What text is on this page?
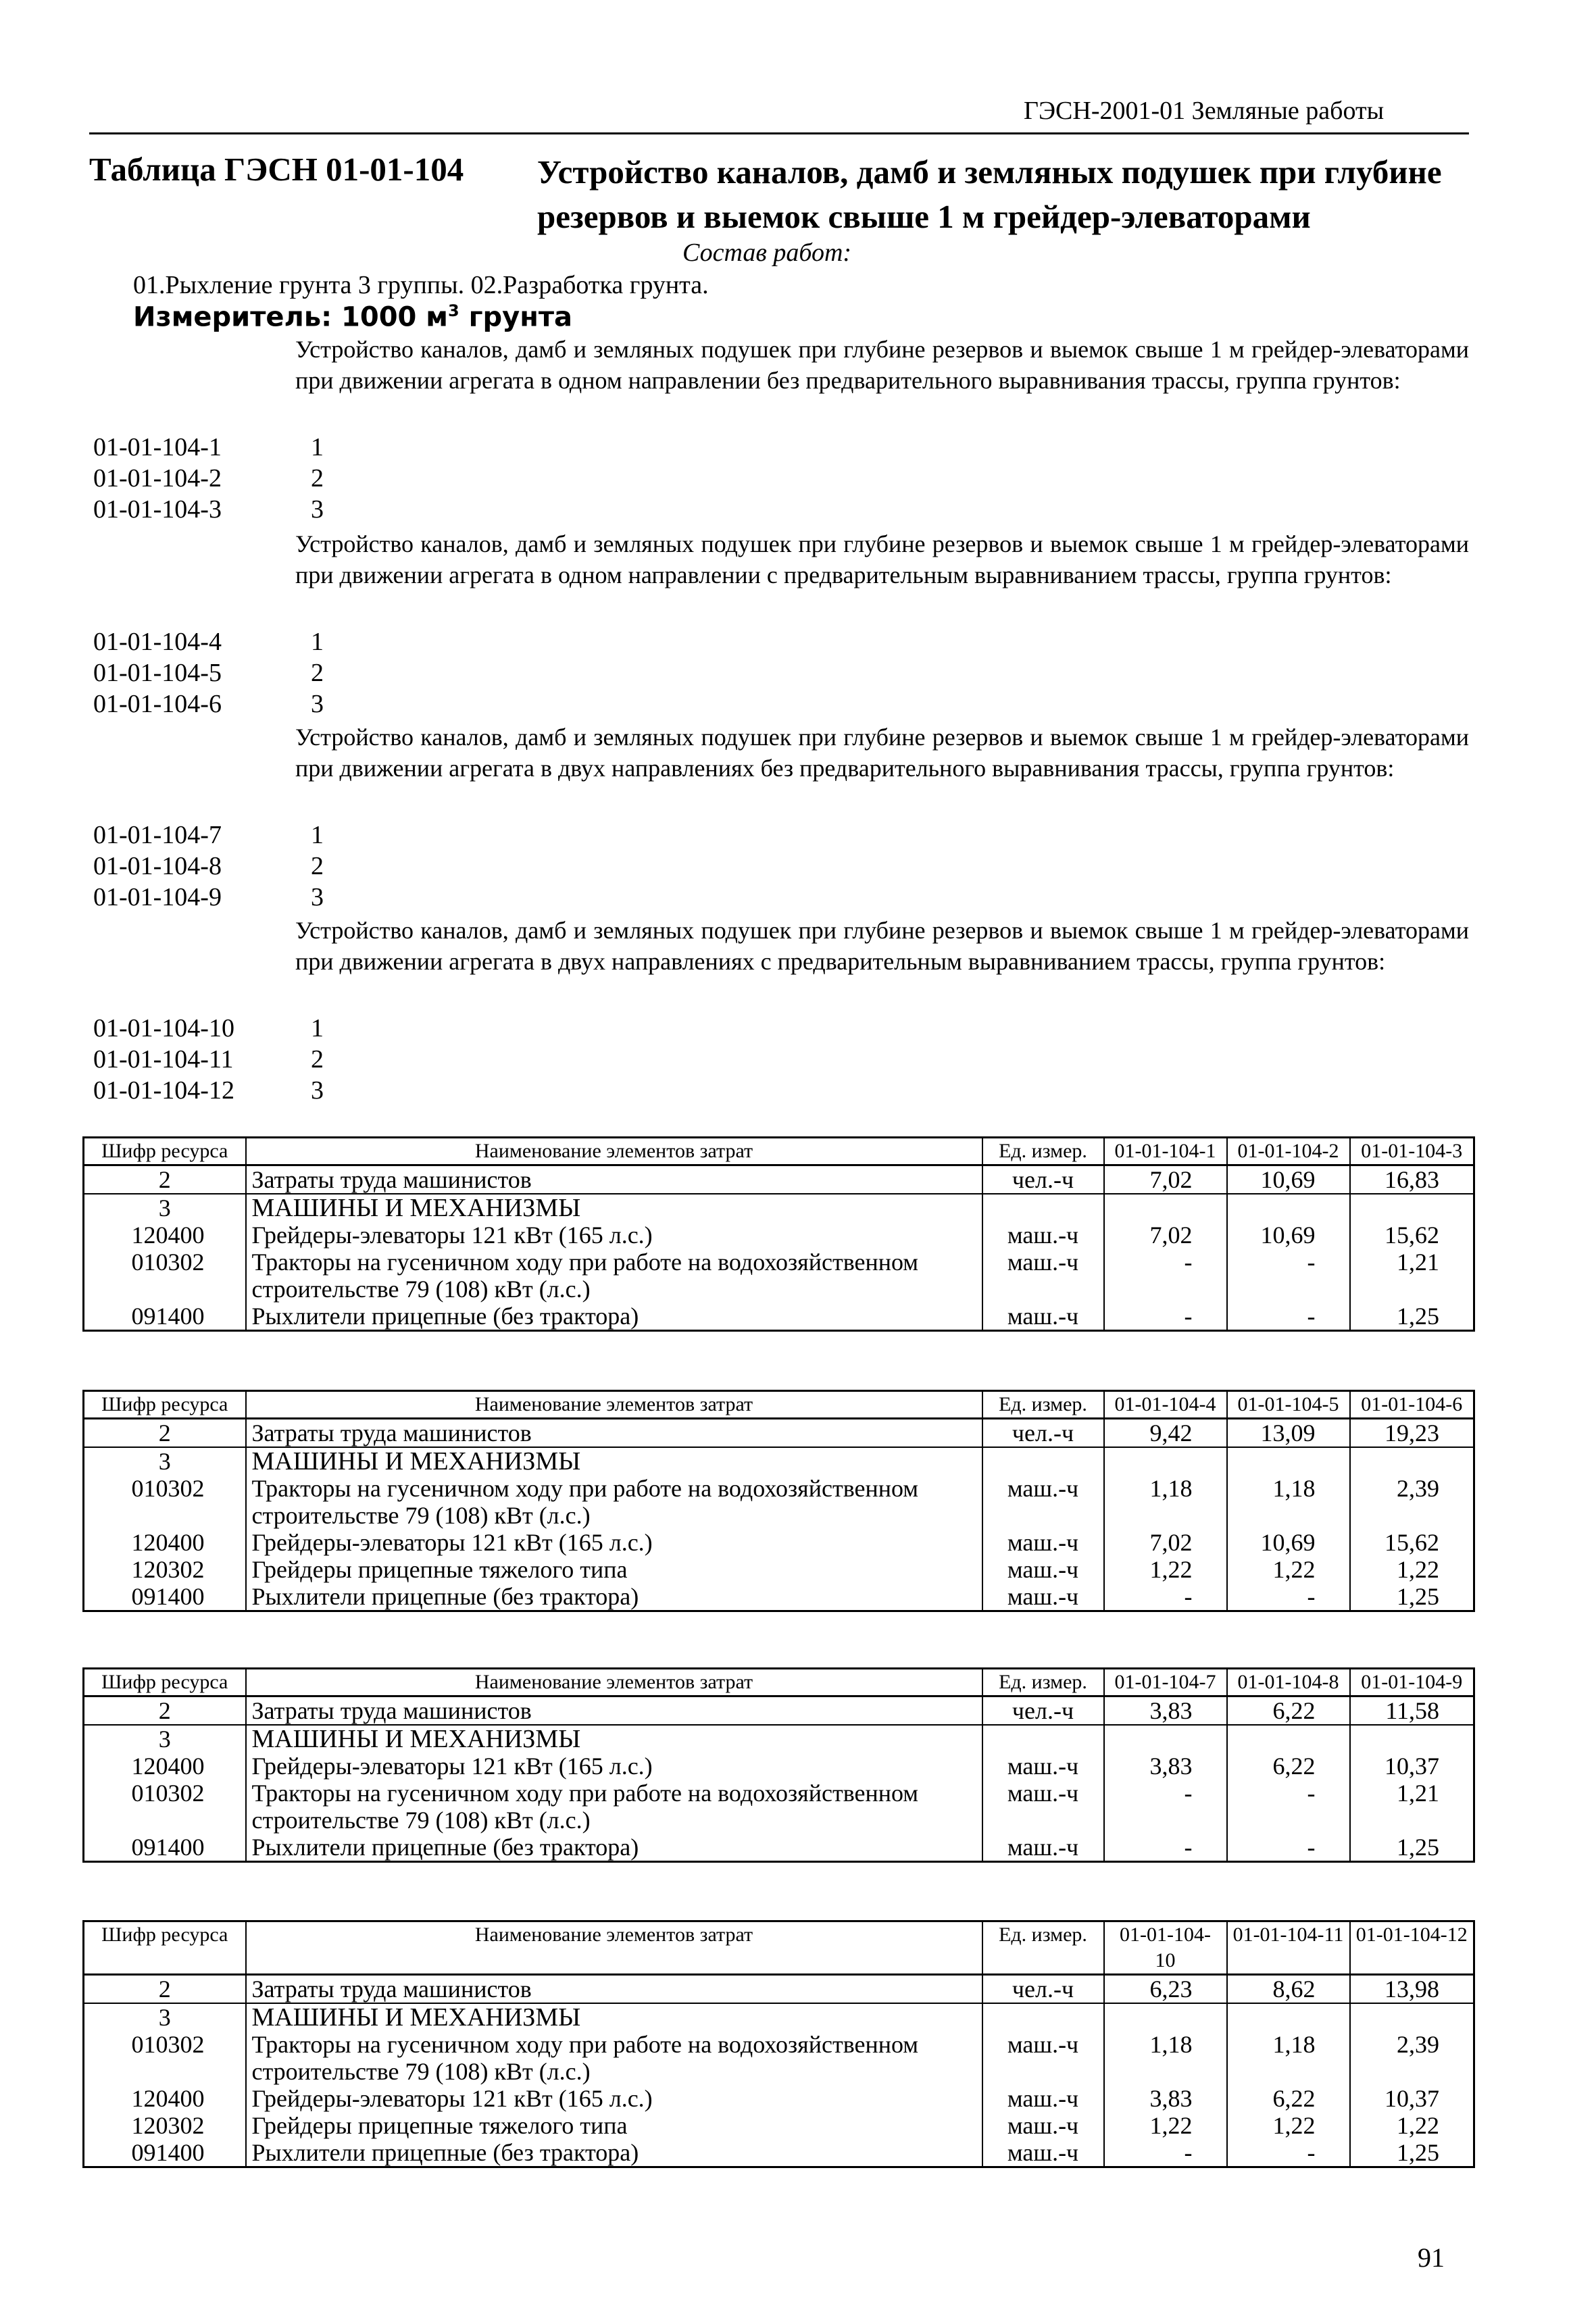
ГЭСН-2001-01 Земляные работы
Таблица ГЭСН 01-01-104 Устройство каналов, дамб и земляных подушек при глубине резервов и выемок свыше 1 м грейдер-элеваторами
Состав работ:
01.Рыхление грунта 3 группы. 02.Разработка грунта.
Измеритель: 1000 $м^3$ грунта
Устройство каналов, дамб и земляных подушек при глубине резервов и выемок свыше 1 м грейдер-элеваторами при движении агрегата в одном направлении без предварительного выравнивания трассы, группа грунтов:
01-01-104-1	1
01-01-104-2	2
01-01-104-3	3
Устройство каналов, дамб и земляных подушек при глубине резервов и выемок свыше 1 м грейдер-элеваторами при движении агрегата в одном направлении с предварительным выравниванием трассы, группа грунтов:
01-01-104-4	1
01-01-104-5	2
01-01-104-6	3
Устройство каналов, дамб и земляных подушек при глубине резервов и выемок свыше 1 м грейдер-элеваторами при движении агрегата в двух направлениях без предварительного выравнивания трассы, группа грунтов:
01-01-104-7	1
01-01-104-8	2
01-01-104-9	3
Устройство каналов, дамб и земляных подушек при глубине резервов и выемок свыше 1 м грейдер-элеваторами при движении агрегата в двух направлениях с предварительным выравниванием трассы, группа грунтов:
01-01-104-10	1
01-01-104-11	2
01-01-104-12	3
Шифр ресурса	Наименование элементов затрат	Ед. измер.	01-01-104-1	01-01-104-2	01-01-104-3
2	Затраты труда машинистов	чел.-ч	7,02	10,69	16,83
3	МАШИНЫ И МЕХАНИЗМЫ				
120400	Грейдеры-элеваторы 121 кВт (165 л.с.)	маш.-ч	7,02	10,69	15,62
010302	Тракторы на гусеничном ходу при работе на водохозяйственном строительстве 79 (108) кВт (л.с.)	маш.-ч	-	-	1,21
091400	Рыхлители прицепные (без трактора)	маш.-ч	-	-	1,25
Шифр ресурса	Наименование элементов затрат	Ед. измер.	01-01-104-4	01-01-104-5	01-01-104-6
2	Затраты труда машинистов	чел.-ч	9,42	13,09	19,23
3	МАШИНЫ И МЕХАНИЗМЫ				
010302	Тракторы на гусеничном ходу при работе на водохозяйственном строительстве 79 (108) кВт (л.с.)	маш.-ч	1,18	1,18	2,39
120400	Грейдеры-элеваторы 121 кВт (165 л.с.)	маш.-ч	7,02	10,69	15,62
120302	Грейдеры прицепные тяжелого типа	маш.-ч	1,22	1,22	1,22
091400	Рыхлители прицепные (без трактора)	маш.-ч	-	-	1,25
Шифр ресурса	Наименование элементов затрат	Ед. измер.	01-01-104-7	01-01-104-8	01-01-104-9
2	Затраты труда машинистов	чел.-ч	3,83	6,22	11,58
3	МАШИНЫ И МЕХАНИЗМЫ				
120400	Грейдеры-элеваторы 121 кВт (165 л.с.)	маш.-ч	3,83	6,22	10,37
010302	Тракторы на гусеничном ходу при работе на водохозяйственном строительстве 79 (108) кВт (л.с.)	маш.-ч	-	-	1,21
091400	Рыхлители прицепные (без трактора)	маш.-ч	-	-	1,25
Шифр ресурса	Наименование элементов затрат	Ед. измер.	01-01-104-10	01-01-104-11	01-01-104-12
2	Затраты труда машинистов	чел.-ч	6,23	8,62	13,98
3	МАШИНЫ И МЕХАНИЗМЫ				
010302	Тракторы на гусеничном ходу при работе на водохозяйственном строительстве 79 (108) кВт (л.с.)	маш.-ч	1,18	1,18	2,39
120400	Грейдеры-элеваторы 121 кВт (165 л.с.)	маш.-ч	3,83	6,22	10,37
120302	Грейдеры прицепные тяжелого типа	маш.-ч	1,22	1,22	1,22
091400	Рыхлители прицепные (без трактора)	маш.-ч	-	-	1,25
91
